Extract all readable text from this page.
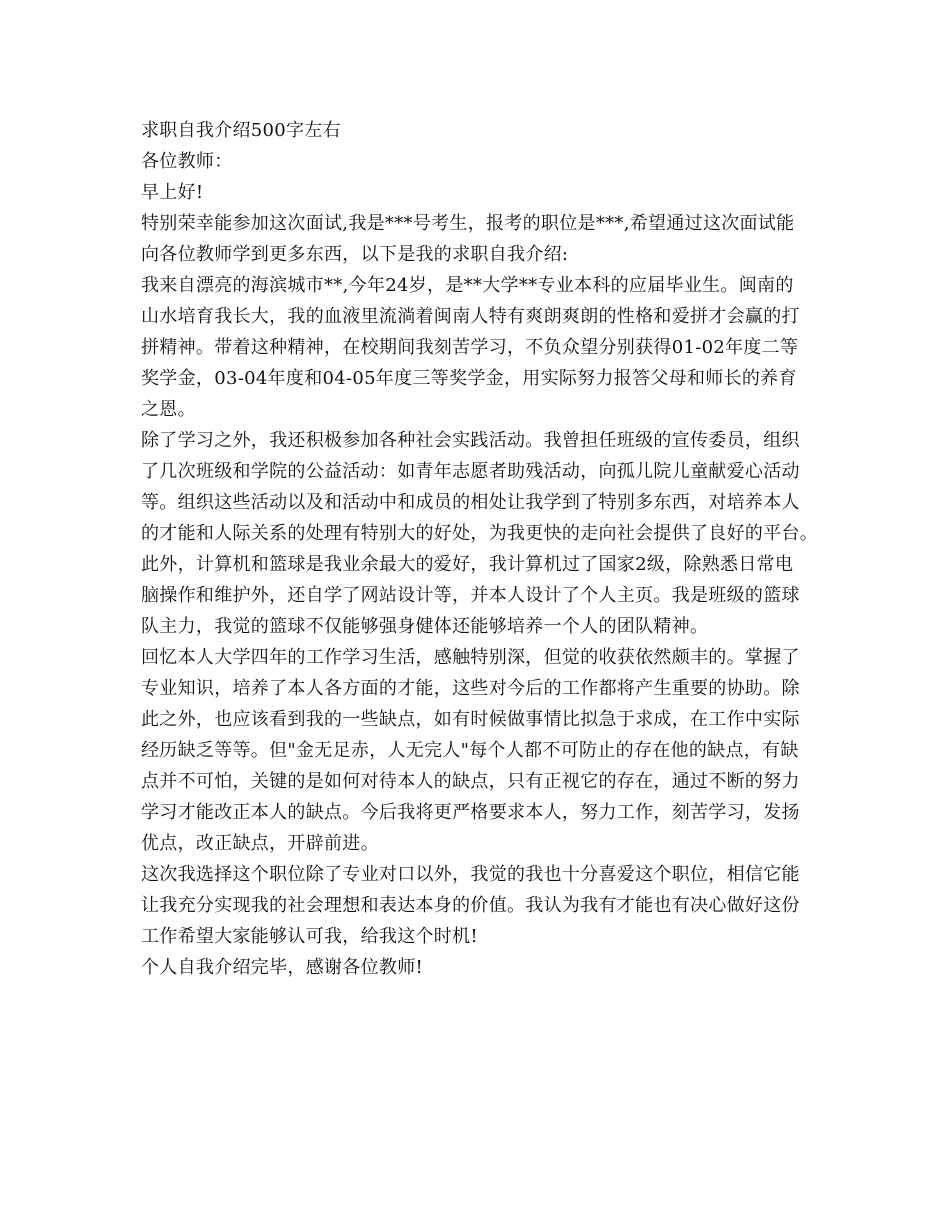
求职自我介绍500字左右
各位教师：
早上好!
特别荣幸能参加这次面试,我是***号考生，报考的职位是***,希望通过这次面试能
向各位教师学到更多东西，以下是我的求职自我介绍:
我来自漂亮的海滨城市**,今年24岁，是**大学**专业本科的应届毕业生。闽南的
山水培育我长大，我的血液里流淌着闽南人特有爽朗爽朗的性格和爱拼才会赢的打
拼精神。带着这种精神，在校期间我刻苦学习，不负众望分别获得01-02年度二等
奖学金，03-04年度和04-05年度三等奖学金，用实际努力报答父母和师长的养育
之恩。
除了学习之外，我还积极参加各种社会实践活动。我曾担任班级的宣传委员，组织
了几次班级和学院的公益活动：如青年志愿者助残活动，向孤儿院儿童献爱心活动
等。组织这些活动以及和活动中和成员的相处让我学到了特别多东西，对培养本人
的才能和人际关系的处理有特别大的好处，为我更快的走向社会提供了良好的平台。
此外，计算机和篮球是我业余最大的爱好，我计算机过了国家2级，除熟悉日常电
脑操作和维护外，还自学了网站设计等，并本人设计了个人主页。我是班级的篮球
队主力，我觉的篮球不仅能够强身健体还能够培养一个人的团队精神。
回忆本人大学四年的工作学习生活，感触特别深，但觉的收获依然颇丰的。掌握了
专业知识，培养了本人各方面的才能，这些对今后的工作都将产生重要的协助。除
此之外，也应该看到我的一些缺点，如有时候做事情比拟急于求成，在工作中实际
经历缺乏等等。但"金无足赤，人无完人"每个人都不可防止的存在他的缺点，有缺
点并不可怕，关键的是如何对待本人的缺点，只有正视它的存在，通过不断的努力
学习才能改正本人的缺点。今后我将更严格要求本人，努力工作，刻苦学习，发扬
优点，改正缺点，开辟前进。
这次我选择这个职位除了专业对口以外，我觉的我也十分喜爱这个职位，相信它能
让我充分实现我的社会理想和表达本身的价值。我认为我有才能也有决心做好这份
工作希望大家能够认可我，给我这个时机!
个人自我介绍完毕，感谢各位教师!
